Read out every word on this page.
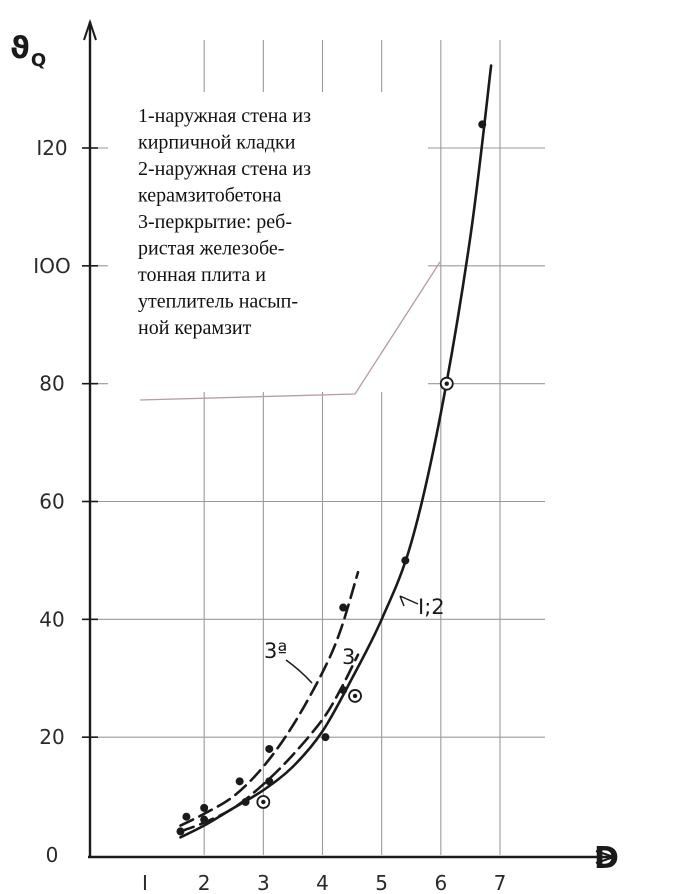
0
20
40
60
80
IOO
I20
I 2 3 4 5 6 7
1-наружная стена из кирпичной кладки 2-наружная стена из керамзитобетона 3-перкрытие: реб-ристая железобе-тонная плита и утеплитель насып-ной керамзит
3ª	3
I;2
$ϑ_Q$
D
